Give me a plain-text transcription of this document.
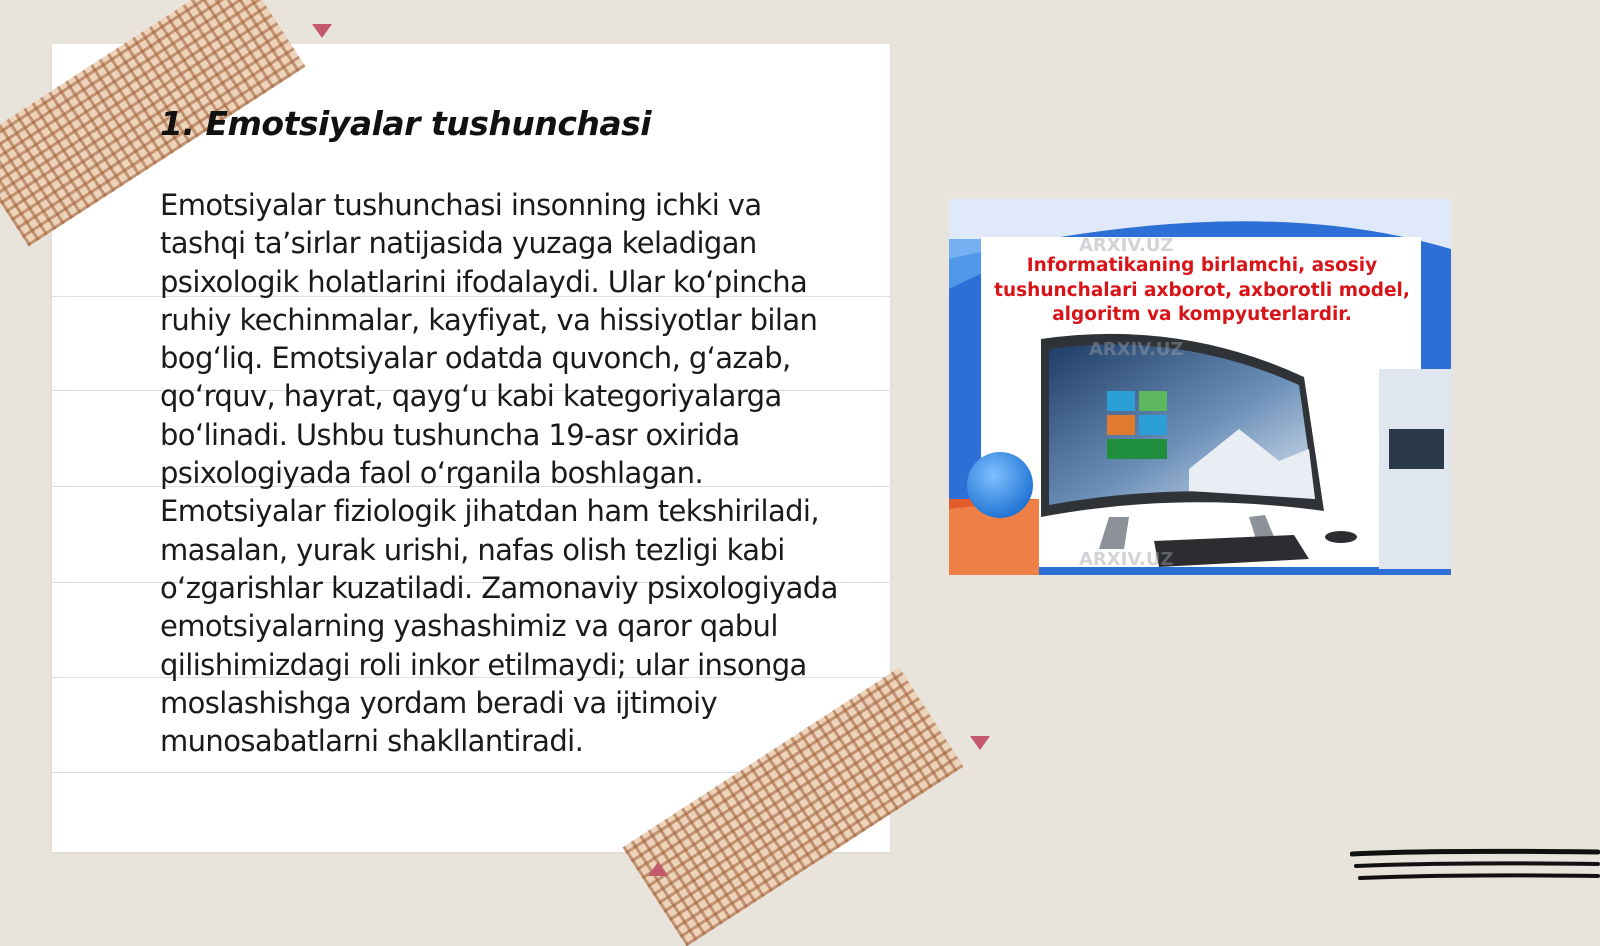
1. Emotsiyalar tushunchasi

Emotsiyalar tushunchasi insonning ichki va tashqi ta’sirlar natijasida yuzaga keladigan psixologik holatlarini ifodalaydi. Ular ko‘pincha ruhiy kechinmalar, kayfiyat, va hissiyotlar bilan bog‘liq. Emotsiyalar odatda quvonch, g‘azab, qo‘rquv, hayrat, qayg‘u kabi kategoriyalarga bo‘linadi. Ushbu tushuncha 19-asr oxirida psixologiyada faol o‘rganila boshlagan. Emotsiyalar fiziologik jihatdan ham tekshiriladi, masalan, yurak urishi, nafas olish tezligi kabi o‘zgarishlar kuzatiladi. Zamonaviy psixologiyada emotsiyalarning yashashimiz va qaror qabul qilishimizdagi roli inkor etilmaydi; ular insonga moslashishga yordam beradi va ijtimoiy munosabatlarni shakllantiradi.

ARXIV.UZ
ARXIV.UZ
ARXIV.UZ

Informatikaning birlamchi, asosiy tushunchalari axborot, axborotli model, algoritm va kompyuterlardir.
